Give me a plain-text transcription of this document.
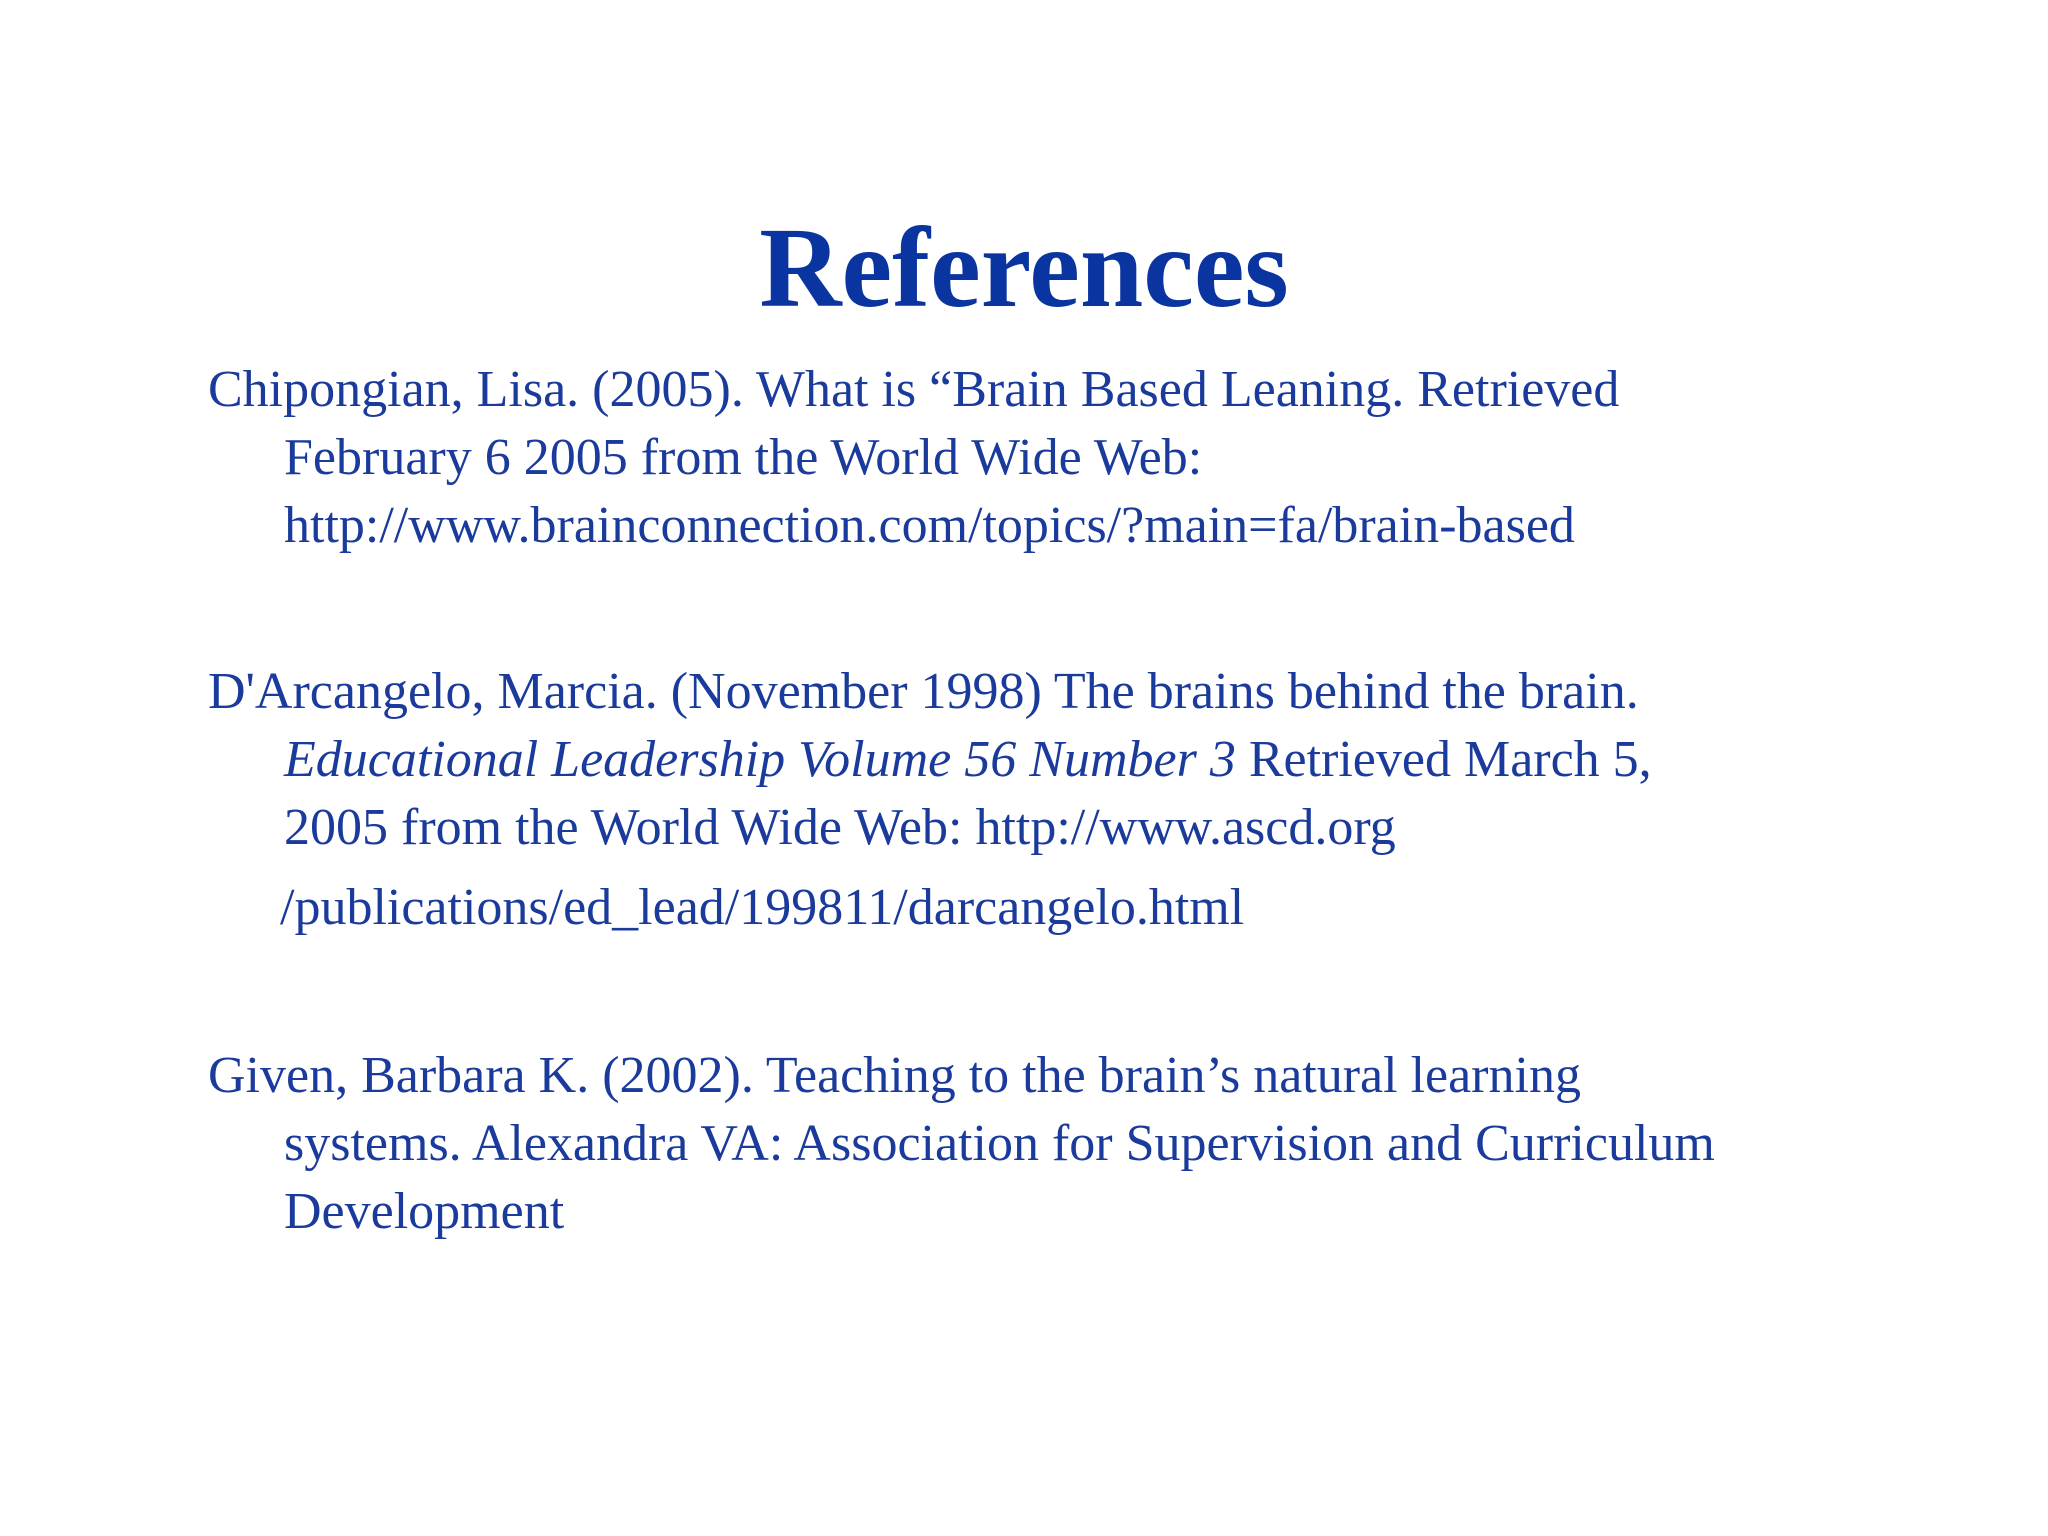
References
Chipongian, Lisa. (2005). What is “Brain Based Leaning. Retrieved
February 6 2005 from the World Wide Web:
http://www.brainconnection.com/topics/?main=fa/brain-based
D'Arcangelo, Marcia. (November 1998) The brains behind the brain.
Educational Leadership Volume 56 Number 3 Retrieved March 5,
2005 from the World Wide Web: http://www.ascd.org
/publications/ed_lead/199811/darcangelo.html
Given, Barbara K. (2002). Teaching to the brain’s natural learning
systems. Alexandra VA: Association for Supervision and Curriculum
Development
